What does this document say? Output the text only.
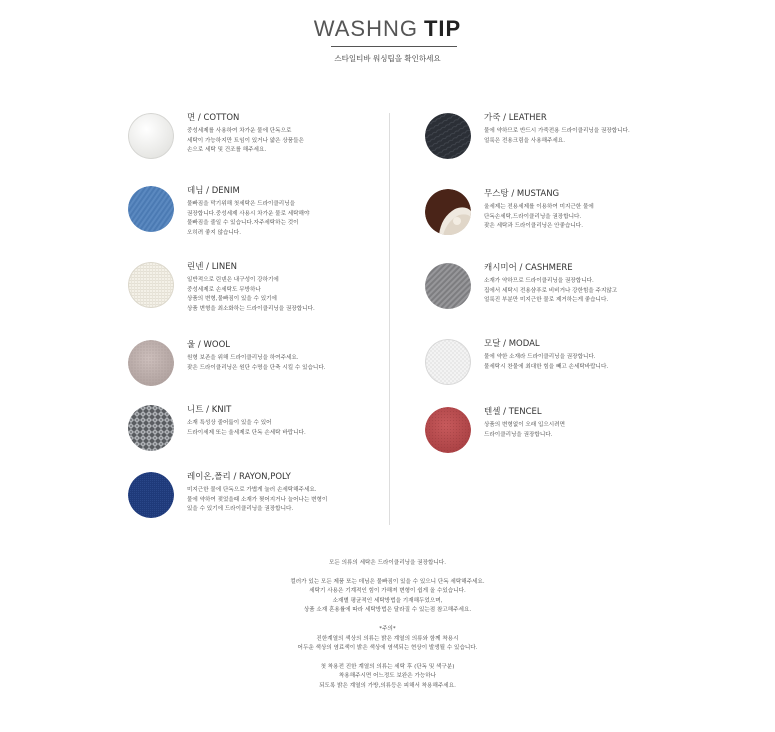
WASHNG TIP
스타일티바 워싱팁을 확인하세요
면 / COTTON
중성세제를 사용하여 차가운 물에 단독으로
세탁이 가능하지만 트임이 있거나 얇은 상품들은
손으로 세탁 및 건조를 해주세요.
데님 / DENIM
물빠짐을 막기위해 첫세탁은 드라이클리닝을
권장합니다.중성세제 사용시 차가운 물로 세탁해야
물빠짐을 줄일 수 있습니다.자주세탁하는 것이
오히려 좋지 않습니다.
린넨 / LINEN
일반적으로 린넨은 내구성이 강하기에
중성세제로 손세탁도 무방하나
상품의 변형,물빠짐이 있을 수 있기에
상품 변형을 최소화하는 드라이클리닝을 권장합니다.
울 / WOOL
원형 보존을 위해 드라이클리닝을 하여주세요.
잦은 드라이클리닝은 원단 수명을 단축 시킬 수 있습니다.
니트 / KNIT
소재 특성상 줄어듦이 있을 수 있어
드라이세제 또는 울세제로 단독 손세탁 바랍니다.
레이온,폴리 / RAYON,POLY
미지근한 물에 단독으로 가볍게 눌러 손세탁해주세요.
물에 약하여 젖었을때 소재가 찢어지거나 늘어나는 변형이
있을 수 있기에 드라이클리닝을 권장합니다.
가죽 / LEATHER
물에 약하므로 반드시 가죽전용 드라이클리닝을 권장합니다.
얼룩은 전용크림을 사용해주세요.
무스탕 / MUSTANG
울세제는 전용세제를 이용하여 미지근한 물에
단독손세탁,드라이클리닝을 권장합니다.
잦은 세탁과 드라이클리닝은 안좋습니다.
캐시미어 / CASHMERE
소재가 약하므로 드라이클리닝을 권장합니다.
집에서 세탁시 전용샴푸로 비비거나 강한힘을 주지않고
얼룩진 부분만 미지근한 물로 제거하는게 좋습니다.
모달 / MODAL
물에 약한 소재라 드라이클리닝을 권장합니다.
물세탁시 찬물에 최대한 힘을 빼고 손세탁바랍니다.
텐셀 / TENCEL
상품의 변형없이 오래 입으시려면
드라이클리닝을 권장합니다.
모든 의류의 세탁은 드라이클리닝을 권장합니다.
컬러가 있는 모든 제품 또는 데님은 물빠짐이 있을 수 있으니 단독 세탁해주세요.
세탁기 사용은 기계적인 힘이 가해져 변형이 쉽게 올 수있습니다.
소재별 평균적인 세탁방법을 기재해두었으며,
상품 소재 혼용률에 따라 세탁방법은 달라질 수 있는점 참고해주세요.
*주의*
진한계열의 색상의 의류는 밝은 계열의 의류와 함께 착용시
어두운 색상의 염료색이 밝은 색상에 염색되는 현상이 발생될 수 있습니다.
첫 착용전 진한 계열의 의류는 세탁 후 (단독 및 색구분)
착용해주시면 어느정도 보완은 가능하나
되도록 밝은 계열의 가방,의류등은 피해서 착용해주세요.
